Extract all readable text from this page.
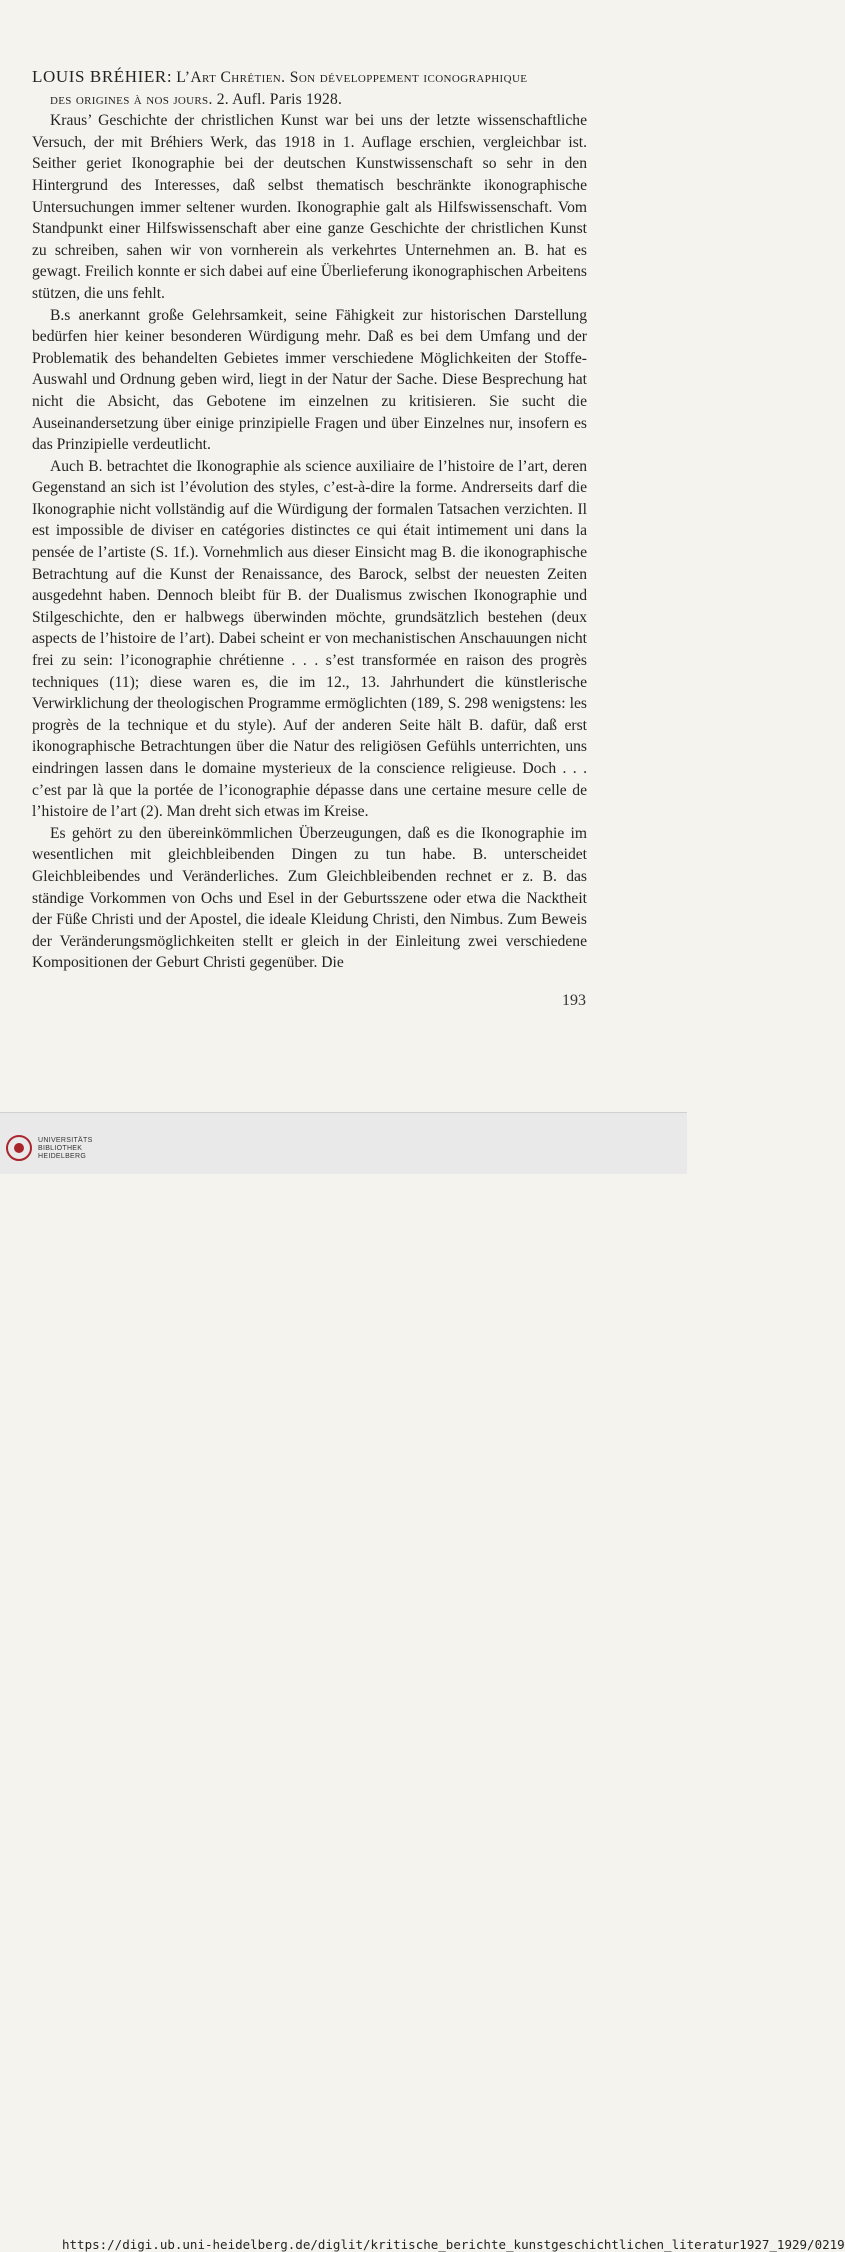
LOUIS BRÉHIER: L’Art Chrétien. Son développement iconographique
des origines à nos jours. 2. Aufl. Paris 1928.

Kraus’ Geschichte der christlichen Kunst war bei uns der letzte wissenschaftliche Versuch, der mit Bréhiers Werk, das 1918 in 1. Auflage erschien, vergleichbar ist. Seither geriet Ikonographie bei der deutschen Kunstwissenschaft so sehr in den Hintergrund des Interesses, daß selbst thematisch beschränkte ikonographische Untersuchungen immer seltener wurden. Ikonographie galt als Hilfswissenschaft. Vom Standpunkt einer Hilfswissenschaft aber eine ganze Geschichte der christlichen Kunst zu schreiben, sahen wir von vornherein als verkehrtes Unternehmen an. B. hat es gewagt. Freilich konnte er sich dabei auf eine Überlieferung ikonographischen Arbeitens stützen, die uns fehlt.

B.s anerkannt große Gelehrsamkeit, seine Fähigkeit zur historischen Darstellung bedürfen hier keiner besonderen Würdigung mehr. Daß es bei dem Umfang und der Problematik des behandelten Gebietes immer verschiedene Möglichkeiten der Stoffe-Auswahl und Ordnung geben wird, liegt in der Natur der Sache. Diese Besprechung hat nicht die Absicht, das Gebotene im einzelnen zu kritisieren. Sie sucht die Auseinandersetzung über einige prinzipielle Fragen und über Einzelnes nur, insofern es das Prinzipielle verdeutlicht.

Auch B. betrachtet die Ikonographie als science auxiliaire de l’histoire de l’art, deren Gegenstand an sich ist l’évolution des styles, c’est-à-dire la forme. Andrerseits darf die Ikonographie nicht vollständig auf die Würdigung der formalen Tatsachen verzichten. Il est impossible de diviser en catégories distinctes ce qui était intimement uni dans la pensée de l’artiste (S. 1f.). Vornehmlich aus dieser Einsicht mag B. die ikonographische Betrachtung auf die Kunst der Renaissance, des Barock, selbst der neuesten Zeiten ausgedehnt haben. Dennoch bleibt für B. der Dualismus zwischen Ikonographie und Stilgeschichte, den er halbwegs überwinden möchte, grundsätzlich bestehen (deux aspects de l’histoire de l’art). Dabei scheint er von mechanistischen Anschauungen nicht frei zu sein: l’iconographie chrétienne . . . s’est transformée en raison des progrès techniques (11); diese waren es, die im 12., 13. Jahrhundert die künstlerische Verwirklichung der theologischen Programme ermöglichten (189, S. 298 wenigstens: les progrès de la technique et du style). Auf der anderen Seite hält B. dafür, daß erst ikonographische Betrachtungen über die Natur des religiösen Gefühls unterrichten, uns eindringen lassen dans le domaine mysterieux de la conscience religieuse. Doch . . . c’est par là que la portée de l’iconographie dépasse dans une certaine mesure celle de l’histoire de l’art (2). Man dreht sich etwas im Kreise.

Es gehört zu den übereinkömmlichen Überzeugungen, daß es die Ikonographie im wesentlichen mit gleichbleibenden Dingen zu tun habe. B. unterscheidet Gleichbleibendes und Veränderliches. Zum Gleichbleibenden rechnet er z. B. das ständige Vorkommen von Ochs und Esel in der Geburtsszene oder etwa die Nacktheit der Füße Christi und der Apostel, die ideale Kleidung Christi, den Nimbus. Zum Beweis der Veränderungsmöglichkeiten stellt er gleich in der Einleitung zwei verschiedene Kompositionen der Geburt Christi gegenüber. Die

193
UNIVERSITÄTS
BIBLIOTHEK
HEIDELBERG
https://digi.ub.uni-heidelberg.de/diglit/kritische_berichte_kunstgeschichtlichen_literatur1927_1929/0219
